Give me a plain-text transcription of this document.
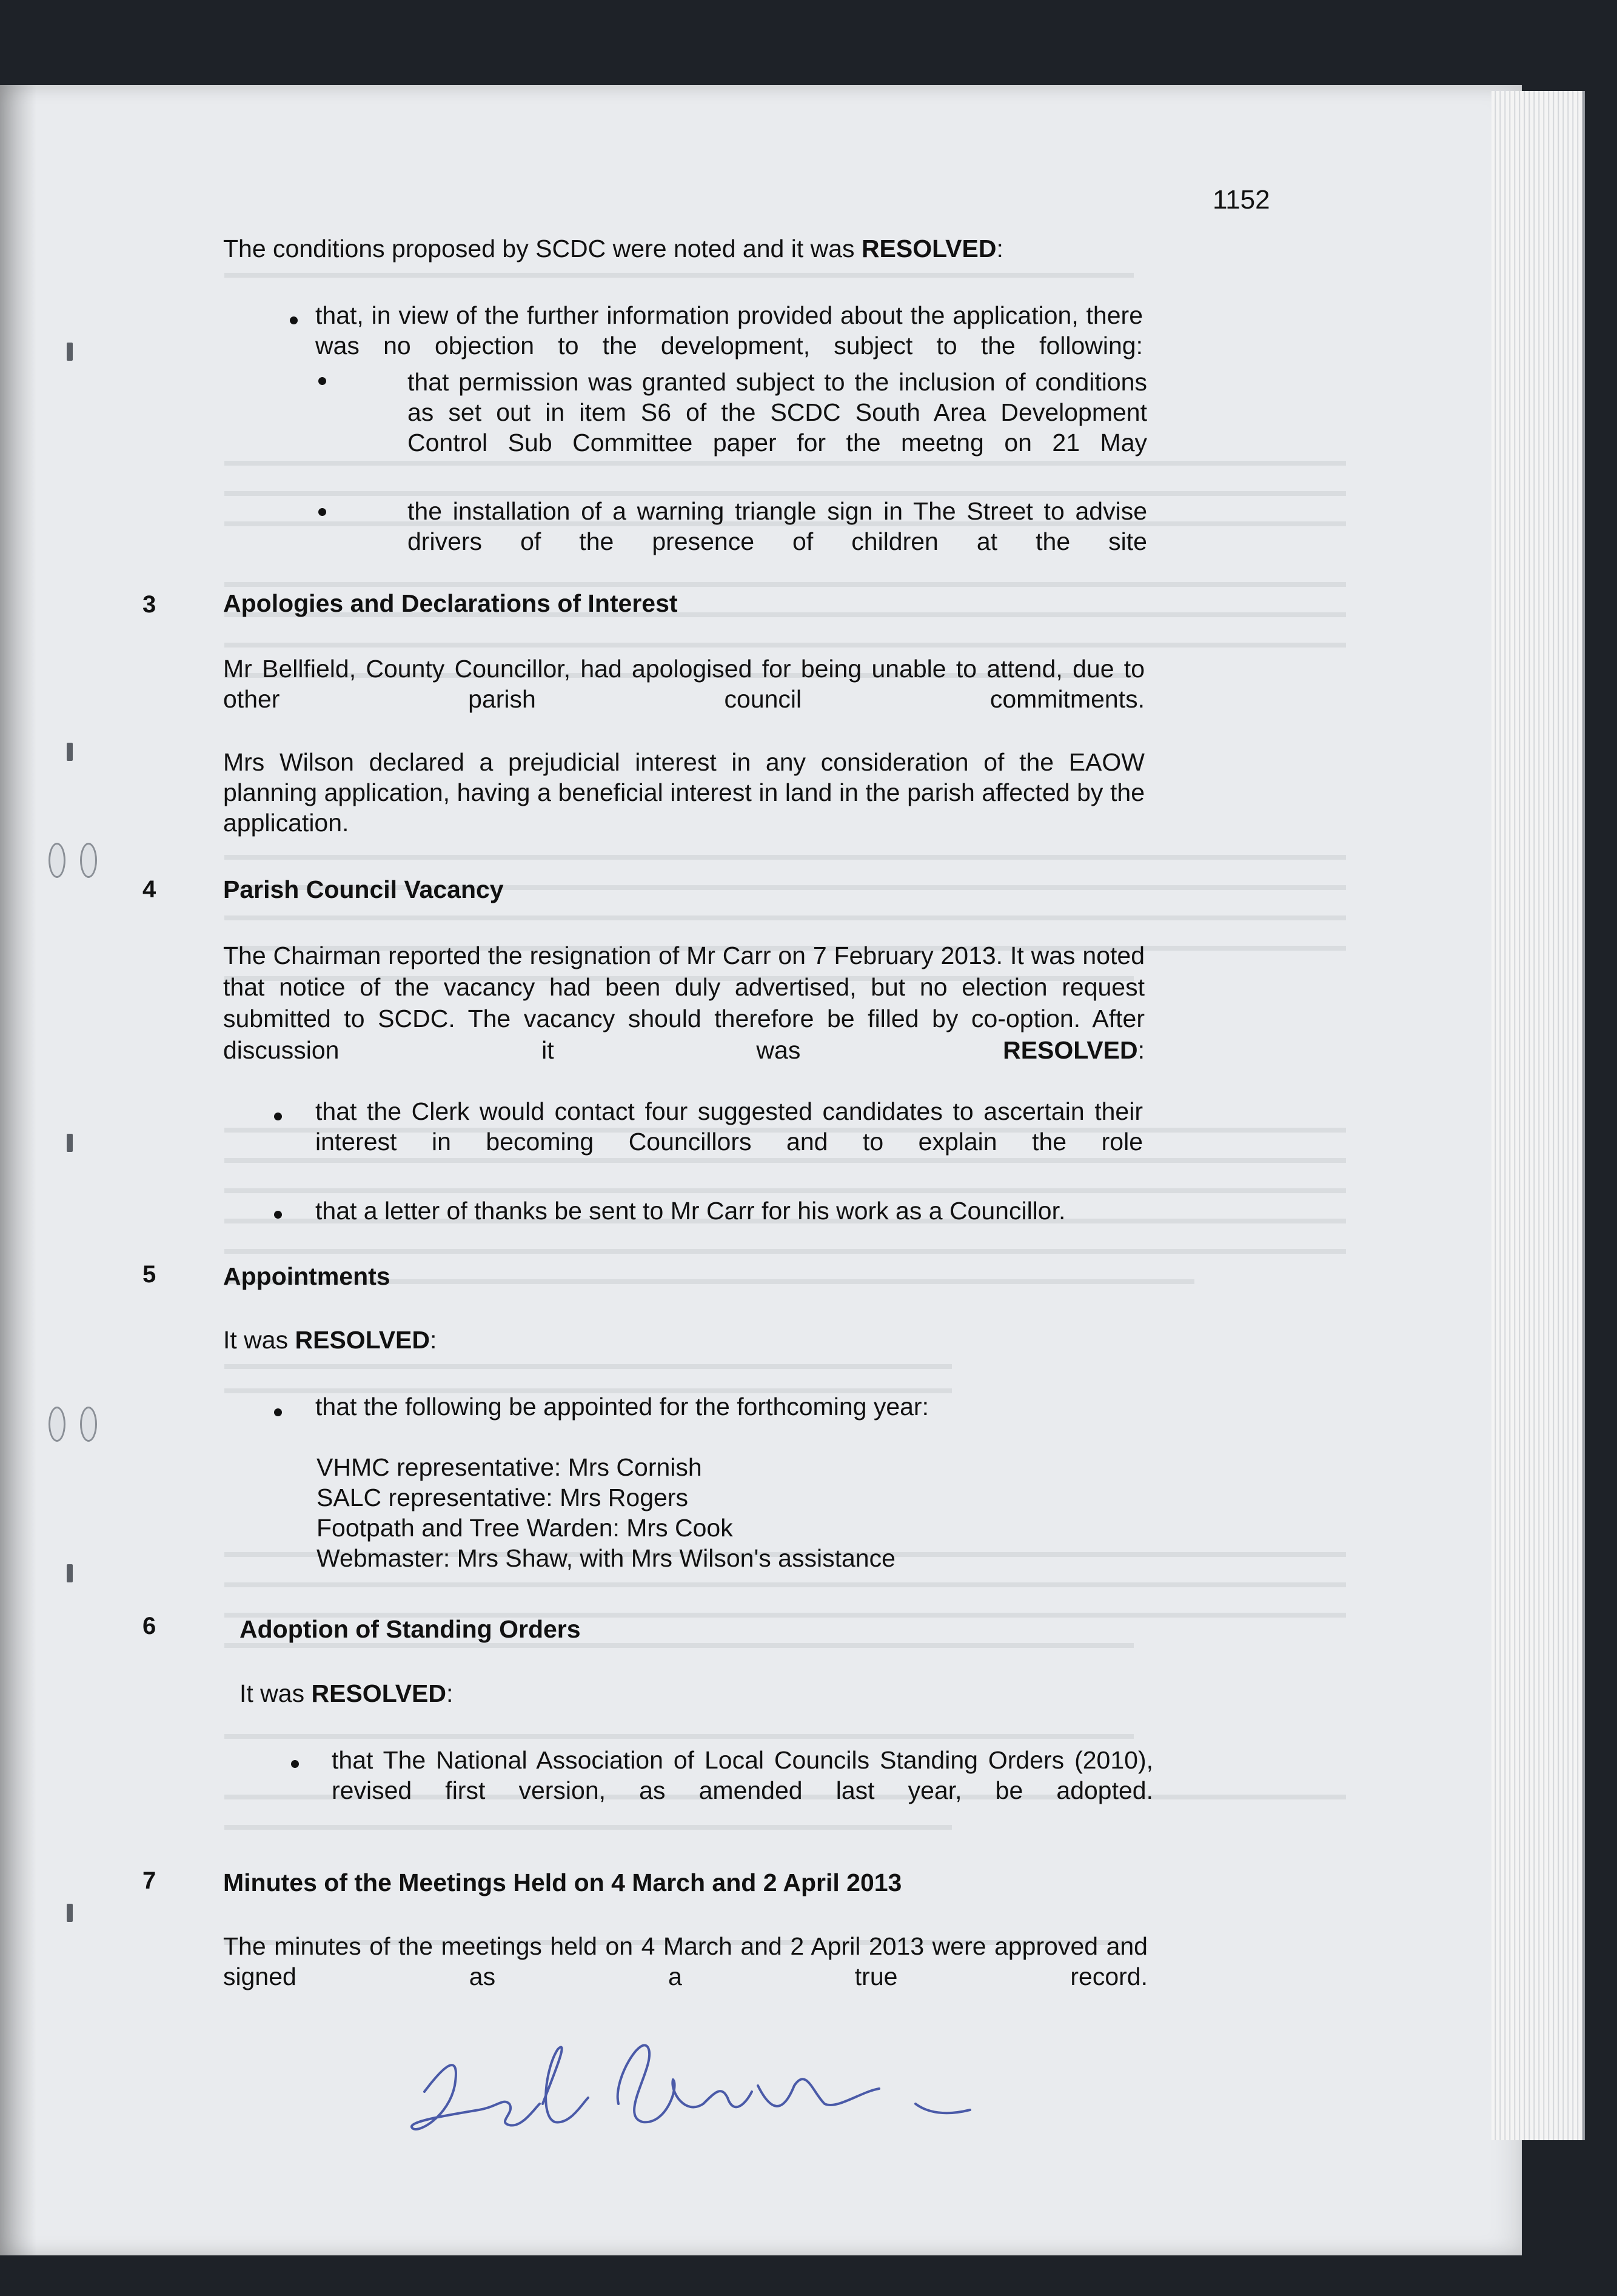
1152
The conditions proposed by SCDC were noted and it was RESOLVED:
that, in view of the further information provided about the application, there was no objection to the development, subject to the following:
that permission was granted subject to the inclusion of conditions as set out in item S6 of the SCDC South Area Development Control Sub Committee paper for the meetng on 21 May
the installation of a warning triangle sign in The Street to advise drivers of the presence of children at the site
3	Apologies and Declarations of Interest
Mr Bellfield, County Councillor, had apologised for being unable to attend, due to other parish council commitments.
Mrs Wilson declared a prejudicial interest in any consideration of the EAOW planning application, having a beneficial interest in land in the parish affected by the application.
4	Parish Council Vacancy
The Chairman reported the resignation of Mr Carr on 7 February 2013. It was noted that notice of the vacancy had been duly advertised, but no election request submitted to SCDC. The vacancy should therefore be filled by co-option. After discussion it was	RESOLVED:
that the Clerk would contact four suggested candidates to ascertain their interest in becoming Councillors and to explain the role
that a letter of thanks be sent to Mr Carr for his work as a Councillor.
5	Appointments
It was RESOLVED:
that the following be appointed for the forthcoming year:
VHMC representative: Mrs Cornish
SALC representative: Mrs Rogers
Footpath and Tree Warden: Mrs Cook
Webmaster: Mrs Shaw, with Mrs Wilson's assistance
6	Adoption of Standing Orders
It was RESOLVED:
that The National Association of Local Councils Standing Orders (2010), revised first version, as amended last year, be adopted.
7	Minutes of the Meetings Held on 4 March and 2 April 2013
The minutes of the meetings held on 4 March and 2 April 2013 were approved and signed as a true record.
